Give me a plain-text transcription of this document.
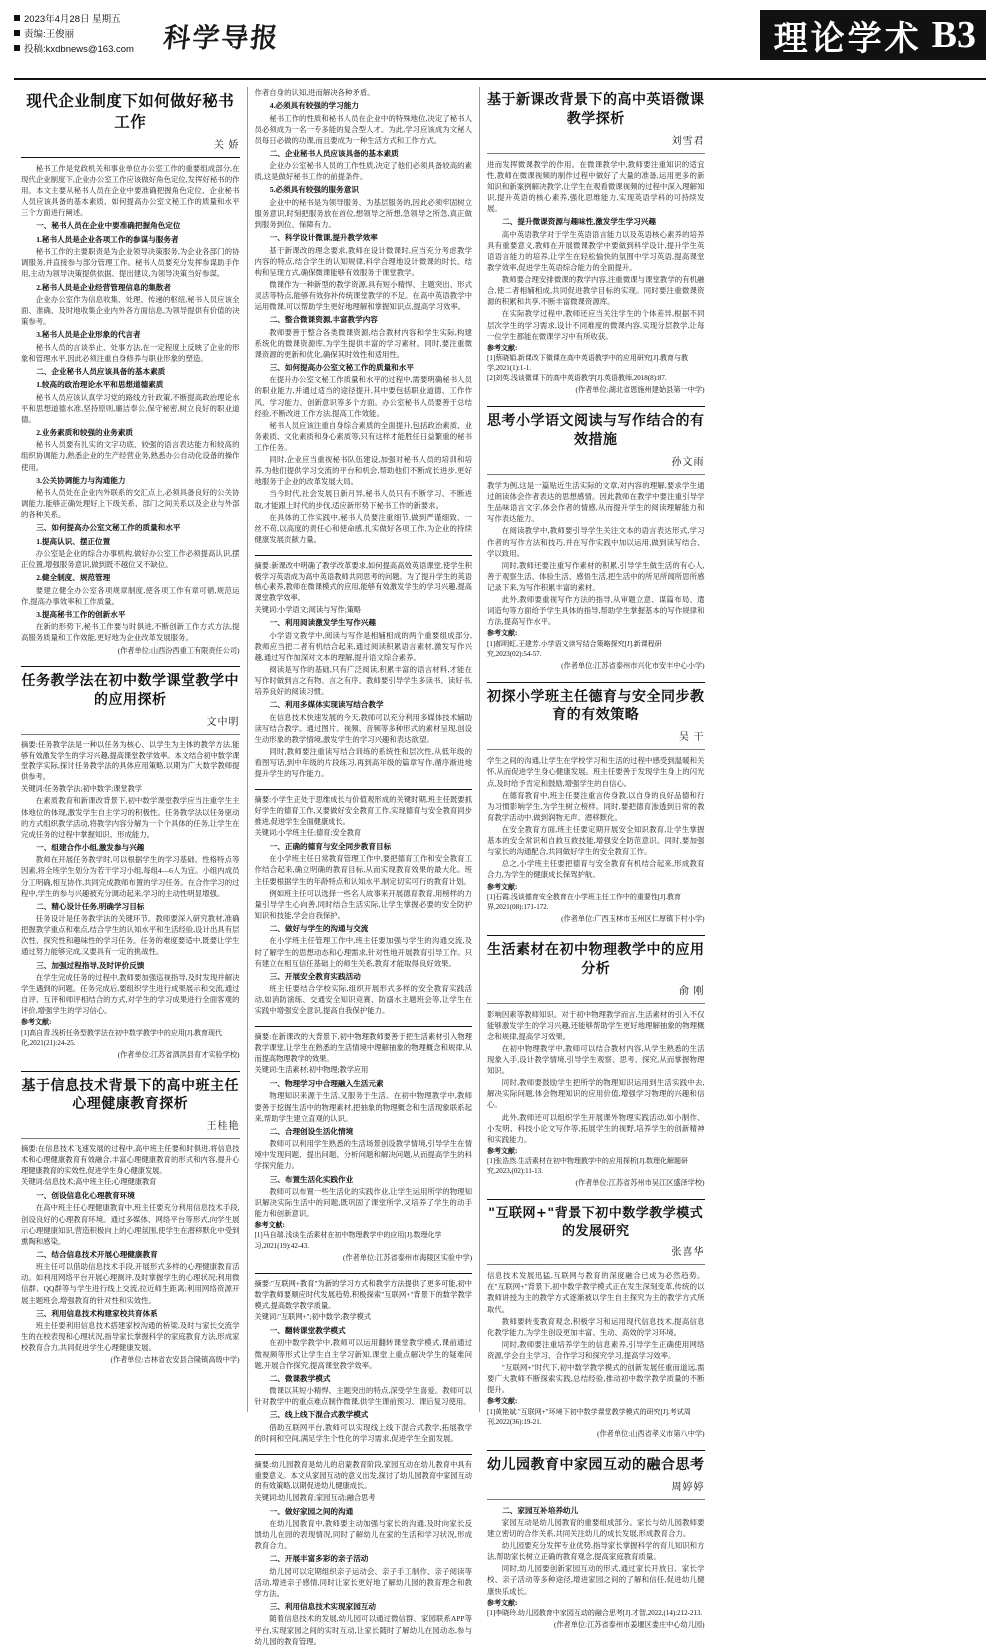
2023年4月28日 星期五
责编:王俊丽
投稿:kxdbnews@163.com	科学导报	理论 学术 B3
现代企业制度下如何做好秘书工作
关 娇

秘书工作是党政机关和事业单位办公室工作的重要组成部分,在现代企业制度下,企业办公室工作应该做好角色定位,发挥好秘书的作用。本文主要从秘书人员在企业中要准确把握角色定位、企业秘书人员应该具备的基本素质、如何提高办公室文秘工作的质量和水平三个方面进行阐述。

一、秘书人员在企业中要准确把握角色定位

1.秘书人员是企业各项工作的参谋与服务者

秘书工作的主要职责是为企业领导决策服务,为企业各部门的协调服务,并直接参与部分管理工作。秘书人员要充分发挥参谋助手作用,主动为领导决策提供依据、提出建议,为领导决策当好参谋。

2.秘书人员是企业经营管理信息的集散者

企业办公室作为信息收集、处理、传递的枢纽,秘书人员应该全面、准确、及时地收集企业内外各方面信息,为领导提供有价值的决策参考。

3.秘书人员是企业形象的代言者

秘书人员的言谈举止、处事方法,在一定程度上反映了企业的形象和管理水平,因此必须注重自身修养与职业形象的塑造。

二、企业秘书人员应该具备的基本素质

1.较高的政治理论水平和思想道德素质

秘书人员应该认真学习党的路线方针政策,不断提高政治理论水平和思想道德水准,坚持原则,廉洁奉公,保守秘密,树立良好的职业道德。

2.业务素质和较强的业务素质

秘书人员要有扎实的文字功底、较强的语言表达能力和较高的组织协调能力,熟悉企业的生产经营业务,熟悉办公自动化设备的操作使用。

3.公关协调能力与沟通能力

秘书人员处在企业内外联系的交汇点上,必须具备良好的公关协调能力,能够正确处理好上下级关系、部门之间关系以及企业与外部的各种关系。

三、如何提高办公室文秘工作的质量和水平

1.提高认识、摆正位置

办公室是企业的综合办事机构,做好办公室工作必须提高认识,摆正位置,增强服务意识,做到既不越位又不缺位。

2.健全制度、规范管理

要建立健全办公室各项规章制度,使各项工作有章可循,规范运作,提高办事效率和工作质量。

3.提高秘书工作的创新水平

在新的形势下,秘书工作要与时俱进,不断创新工作方式方法,提高服务质量和工作效能,更好地为企业改革发展服务。

(作者单位:山西汾西重工有限责任公司)
任务教学法在初中数学课堂教学中的应用探析
文中明

摘要:任务教学法是一种以任务为核心、以学生为主体的教学方法,能够有效激发学生的学习兴趣,提高课堂教学效率。本文结合初中数学课堂教学实际,探讨任务教学法的具体应用策略,以期为广大数学教师提供参考。

关键词:任务教学法;初中数学;课堂教学

在素质教育和新课改背景下,初中数学课堂教学应当注重学生主体地位的体现,激发学生自主学习的积极性。任务教学法以任务驱动的方式组织教学活动,将教学内容分解为一个个具体的任务,让学生在完成任务的过程中掌握知识、形成能力。

一、组建合作小组,激发参与兴趣

教师在开展任务教学时,可以根据学生的学习基础、性格特点等因素,将全班学生划分为若干学习小组,每组4—6人为宜。小组内成员分工明确,相互协作,共同完成教师布置的学习任务。在合作学习的过程中,学生的参与兴趣被充分调动起来,学习的主动性明显增强。

二、精心设计任务,明确学习目标

任务设计是任务教学法的关键环节。教师要深入研究教材,准确把握教学重点和难点,结合学生的认知水平和生活经验,设计出具有层次性、探究性和趣味性的学习任务。任务的难度要适中,既要让学生通过努力能够完成,又要具有一定的挑战性。

三、加强过程指导,及时评价反馈

在学生完成任务的过程中,教师要加强巡视指导,及时发现并解决学生遇到的问题。任务完成后,要组织学生进行成果展示和交流,通过自评、互评和师评相结合的方式,对学生的学习成果进行全面客观的评价,增强学生的学习信心。

参考文献:
[1]高自青.浅析任务型教学法在初中数学教学中的应用[J].教育现代化,2021(21):24-25.
(作者单位:江苏省泗洪县育才实验学校)
基于信息技术背景下的高中班主任心理健康教育探析
王桂艳

摘要:在信息技术飞速发展的过程中,高中班主任要和时俱进,将信息技术和心理健康教育有效融合,丰富心理健康教育的形式和内容,提升心理健康教育的实效性,促进学生身心健康发展。

关键词:信息技术;高中班主任;心理健康教育

一、创设信息化心理教育环境

在高中班主任心理健康教育中,班主任要充分利用信息技术手段,创设良好的心理教育环境。通过多媒体、网络平台等形式,向学生展示心理健康知识,营造积极向上的心理氛围,使学生在潜移默化中受到熏陶和感染。

二、结合信息技术开展心理健康教育

班主任可以借助信息技术手段,开展形式多样的心理健康教育活动。如利用网络平台开展心理测评,及时掌握学生的心理状况;利用微信群、QQ群等与学生进行线上交流,拉近师生距离;利用网络资源开展主题班会,增强教育的针对性和实效性。

三、利用信息技术构建家校共育体系

班主任要利用信息技术搭建家校沟通的桥梁,及时与家长交流学生的在校表现和心理状况,指导家长掌握科学的家庭教育方法,形成家校教育合力,共同促进学生心理健康发展。

(作者单位:吉林省农安县合隆镇高级中学)

作者自身的认知,进而解决各种矛盾。

4.必须具有较强的学习能力

秘书工作的性质和秘书人员在企业中的特殊地位,决定了秘书人员必须成为一名一专多能的复合型人才。为此,学习应该成为文秘人员每日必做的功课,而且要成为一种生活方式和工作方式。

二、企业秘书人员应该具备的基本素质

企业办公室秘书人员的工作性质,决定了他们必须具备较高的素质,这是做好秘书工作的前提条件。

5.必须具有较强的服务意识

企业中的秘书是为领导服务、为基层服务的,因此必须牢固树立服务意识,时刻把服务放在首位,想领导之所想,急领导之所急,真正做到服务到位、保障有力。

一、科学设计微课,提升教学效率

基于新课改的理念要求,教师在设计微课时,应当充分考虑教学内容的特点,结合学生的认知规律,科学合理地设计微课的时长、结构和呈现方式,确保微课能够有效服务于课堂教学。

微课作为一种新型的教学资源,具有短小精悍、主题突出、形式灵活等特点,能够有效弥补传统课堂教学的不足。在高中英语教学中运用微课,可以帮助学生更好地理解和掌握知识点,提高学习效率。

二、整合微课资源,丰富教学内容

教师要善于整合各类微课资源,结合教材内容和学生实际,构建系统化的微课资源库,为学生提供丰富的学习素材。同时,要注重微课资源的更新和优化,确保其时效性和适用性。

三、如何提高办公室文秘工作的质量和水平

在提升办公室文秘工作质量和水平的过程中,需要明确秘书人员的职业能力,并通过适当的途径提升,其中要包括职业道德、工作作风、学习能力、创新意识等多个方面。办公室秘书人员要善于总结经验,不断改进工作方法,提高工作效能。

秘书人员应该注重自身综合素质的全面提升,包括政治素质、业务素质、文化素质和身心素质等,只有这样才能胜任日益繁重的秘书工作任务。

同时,企业应当重视秘书队伍建设,加强对秘书人员的培训和培养,为他们提供学习交流的平台和机会,帮助他们不断成长进步,更好地服务于企业的改革发展大局。

当今时代,社会发展日新月异,秘书人员只有不断学习、不断进取,才能跟上时代的步伐,适应新形势下秘书工作的新要求。

在具体的工作实践中,秘书人员要注重细节,做到严谨细致、一丝不苟,以高度的责任心和使命感,扎实做好各项工作,为企业的持续健康发展贡献力量。

摘要:新课改中明确了教学改革要求,如何提高高效英语课堂,使学生积极学习英语成为高中英语教师共同思考的问题。为了提升学生的英语核心素养,教师在微课模式的应用,能够有效激发学生的学习兴趣,提高课堂教学效率。

关键词:小学语文;阅读与写作;策略

一、利用阅读激发学生写作兴趣

小学语文教学中,阅读与写作是相辅相成的两个重要组成部分,教师应当把二者有机结合起来,通过阅读积累语言素材,激发写作兴趣,通过写作加深对文本的理解,提升语文综合素养。

阅读是写作的基础,只有广泛阅读,积累丰富的语言材料,才能在写作时做到言之有物、言之有序。教师要引导学生多读书、读好书,培养良好的阅读习惯。

二、利用多媒体实现读写结合教学

在信息技术快速发展的今天,教师可以充分利用多媒体技术辅助读写结合教学。通过图片、视频、音频等多种形式的素材呈现,创设生动形象的教学情境,激发学生的学习兴趣和表达欲望。

同时,教师要注重读写结合训练的系统性和层次性,从低年级的看图写话,到中年级的片段练习,再到高年级的篇章写作,循序渐进地提升学生的写作能力。

摘要:小学生正处于思维成长与价值观形成的关键时期,班主任既要抓好学生的德育工作,又要做好安全教育工作,实现德育与安全教育同步推进,促进学生全面健康成长。

关键词:小学班主任;德育;安全教育

一、正确的德育与安全同步教育目标

在小学班主任日常教育管理工作中,要把德育工作和安全教育工作结合起来,确立明确的教育目标,从而实现教育效果的最大化。班主任要根据学生的年龄特点和认知水平,制定切实可行的教育计划。

例如班主任可以选择一些名人故事来开展德育教育,用榜样的力量引导学生心向善,同时结合生活实际,让学生掌握必要的安全防护知识和技能,学会自我保护。

二、做好与学生的沟通与交流

在小学班主任管理工作中,班主任要加强与学生的沟通交流,及时了解学生的思想动态和心理需求,针对性地开展教育引导工作。只有建立在相互信任基础上的师生关系,教育才能取得良好效果。

三、开展安全教育实践活动

班主任要结合学校实际,组织开展形式多样的安全教育实践活动,如消防演练、交通安全知识竞赛、防溺水主题班会等,让学生在实践中增强安全意识,提高自我保护能力。

摘要:在新课改的大背景下,初中物理教师要善于把生活素材引入物理教学课堂,让学生在熟悉的生活情境中理解抽象的物理概念和规律,从而提高物理教学的效果。

关键词:生活素材;初中物理;教学应用

一、物理学习中合理融入生活元素

物理知识来源于生活,又服务于生活。在初中物理教学中,教师要善于挖掘生活中的物理素材,把抽象的物理概念和生活现象联系起来,帮助学生建立直观的认识。

二、合理创设生活化情境

教师可以利用学生熟悉的生活场景创设教学情境,引导学生在情境中发现问题、提出问题、分析问题和解决问题,从而提高学生的科学探究能力。

三、布置生活化实践作业

教师可以布置一些生活化的实践作业,让学生运用所学的物理知识解决实际生活中的问题,既巩固了课堂所学,又培养了学生的动手能力和创新意识。

参考文献:
[1]马自瑞.浅谈生活素材在初中物理教学中的应用[J].数理化学习,2021(19):42-43.
(作者单位:江苏省泰州市海陵区实验中学)

摘要:"互联网+教育"为新的学习方式和教学方法提供了更多可能,初中数学教师要顺应时代发展趋势,积极探索"互联网+"背景下的数学教学模式,提高数学教学质量。

关键词:"互联网+";初中数学;教学模式

一、翻转课堂教学模式

在初中数学教学中,教师可以运用翻转课堂教学模式,课前通过微视频等形式让学生自主学习新知,课堂上重点解决学生的疑难问题,开展合作探究,提高课堂教学效率。

二、微课教学模式

微课以其短小精悍、主题突出的特点,深受学生喜爱。教师可以针对教学中的重点难点制作微课,供学生课前预习、课后复习使用。

三、线上线下混合式教学模式

借助互联网平台,教师可以实现线上线下混合式教学,拓展教学的时间和空间,满足学生个性化的学习需求,促进学生全面发展。

摘要:幼儿园教育是幼儿的启蒙教育阶段,家园互动在幼儿教育中具有重要意义。本文从家园互动的意义出发,探讨了幼儿园教育中家园互动的有效策略,以期促进幼儿健康成长。

关键词:幼儿园教育;家园互动;融合思考

一、做好家园之间的沟通

在幼儿园教育中,教师要主动加强与家长的沟通,及时向家长反馈幼儿在园的表现情况,同时了解幼儿在家的生活和学习状况,形成教育合力。

二、开展丰富多彩的亲子活动

幼儿园可以定期组织亲子运动会、亲子手工制作、亲子阅读等活动,增进亲子感情,同时让家长更好地了解幼儿园的教育理念和教学方法。

三、利用信息技术实现家园互动

随着信息技术的发展,幼儿园可以通过微信群、家园联系APP等平台,实现家园之间的实时互动,让家长随时了解幼儿在园动态,参与幼儿园的教育管理。

基于新课改背景下的高中英语微课教学探析
刘雪君

进而发挥微课教学的作用。在微课教学中,教师要注重知识的适宜性,教师在微课视频的制作过程中做好了大量的准备,运用更多的新知识和新案例解决教学,让学生在观看微课视频的过程中深入理解知识,提升英语的核心素养,强化思维能力,实现英语学科的可持续发展。

二、提升微课资源与趣味性,激发学生学习兴趣

高中英语教学对于学生英语语言能力以及英语核心素养的培养具有重要意义,教师在开展微课教学中要做到科学设计,提升学生英语语言能力的培养,让学生在轻松愉快的氛围中学习英语,提高课堂教学效率,促进学生英语综合能力的全面提升。

教师要合理安排微课的教学内容,注重微课与课堂教学的有机融合,使二者相辅相成,共同促进教学目标的实现。同时要注重微课资源的积累和共享,不断丰富微课资源库。

在实际教学过程中,教师还应当关注学生的个体差异,根据不同层次学生的学习需求,设计不同难度的微课内容,实现分层教学,让每一位学生都能在微课学习中有所收获。

参考文献:
[1]蔡晓娟.新课改下微课在高中英语教学中的应用研究[J].教育与教学,2021(1):1-1.
[2]刘英.浅谈微课下的高中英语教学[J].英语教师,2018(8):87.
(作者单位:湖北省恩施州建始县第一中学)
思考小学语文阅读与写作结合的有效措施
孙文雨

教学为例,这是一篇贴近生活实际的文章,对内容的理解,要求学生通过朗读体会作者表达的思想感情。因此教师在教学中要注重引导学生品味语言文字,体会作者的情感,从而提升学生的阅读理解能力和写作表达能力。

在阅读教学中,教师要引导学生关注文本的语言表达形式,学习作者的写作方法和技巧,并在写作实践中加以运用,做到读写结合、学以致用。

同时,教师还要注重写作素材的积累,引导学生做生活的有心人,善于观察生活、体验生活、感悟生活,把生活中的所见所闻所思所感记录下来,为写作积累丰富的素材。

此外,教师要重视写作方法的指导,从审题立意、谋篇布局、遣词造句等方面给予学生具体的指导,帮助学生掌握基本的写作规律和方法,提高写作水平。

参考文献:
[1]郝明虹,王建芳.小学语文读写结合策略探究[J].新课程研究,2023(02):54-57.
(作者单位:江苏省泰州市兴化市安丰中心小学)
初探小学班主任德育与安全同步教育的有效策略
吴 干

学生之间的沟通,让学生在学校学习和生活的过程中感受到温暖和关怀,从而促进学生身心健康发展。班主任要善于发现学生身上的闪光点,及时给予肯定和鼓励,增强学生的自信心。

在德育教育中,班主任要注重言传身教,以自身的良好品德和行为习惯影响学生,为学生树立榜样。同时,要把德育渗透到日常的教育教学活动中,做到润物无声、潜移默化。

在安全教育方面,班主任要定期开展安全知识教育,让学生掌握基本的安全常识和自救互救技能,增强安全防范意识。同时,要加强与家长的沟通配合,共同做好学生的安全教育工作。

总之,小学班主任要把德育与安全教育有机结合起来,形成教育合力,为学生的健康成长保驾护航。

参考文献:
[1]石霞.浅谈德育安全教育在小学班主任工作中的重要性[J].教育界,2021(08):171-172.
(作者单位:广西玉林市玉州区仁厚镇下村小学)
生活素材在初中物理教学中的应用分析
俞 刚

影响因素等教师知识。对于初中物理教学而言,生活素材的引入不仅能够激发学生的学习兴趣,还能够帮助学生更好地理解抽象的物理概念和规律,提高学习效果。

在初中物理教学中,教师可以结合教材内容,从学生熟悉的生活现象入手,设计教学情境,引导学生观察、思考、探究,从而掌握物理知识。

同时,教师要鼓励学生把所学的物理知识运用到生活实践中去,解决实际问题,体会物理知识的应用价值,增强学习物理的兴趣和信心。

此外,教师还可以组织学生开展课外物理实践活动,如小制作、小发明、科技小论文写作等,拓展学生的视野,培养学生的创新精神和实践能力。

参考文献:
[1]张浩然.生活素材在初中物理教学中的应用探析[J].数理化解题研究,2023,(02):11-13.
(作者单位:江苏省苏州市吴江区盛泽学校)
"互联网+"背景下初中数学教学模式的发展研究
张喜华

信息技术发展迅猛,互联网与教育的深度融合已成为必然趋势。在"互联网+"背景下,初中数学教学模式正在发生深刻变革,传统的以教师讲授为主的教学方式逐渐被以学生自主探究为主的教学方式所取代。

教师要转变教育观念,积极学习和运用现代信息技术,提高信息化教学能力,为学生创设更加丰富、生动、高效的学习环境。

同时,教师要注重培养学生的信息素养,引导学生正确使用网络资源,学会自主学习、合作学习和探究学习,提高学习效率。

"互联网+"时代下,初中数学教学模式的创新发展任重而道远,需要广大教师不断探索实践,总结经验,推动初中数学教学质量的不断提升。

参考文献:
[1]黄艳斌."互联网+"环境下初中数学课堂教学模式的研究[J].考试周刊,2022(36):19-21.
(作者单位:山西省孝义市第八中学)
幼儿园教育中家园互动的融合思考
周婷婷

二、家园互补培养幼儿

家园互动是幼儿园教育的重要组成部分。家长与幼儿园教师要建立密切的合作关系,共同关注幼儿的成长发展,形成教育合力。

幼儿园要充分发挥专业优势,指导家长掌握科学的育儿知识和方法,帮助家长树立正确的教育观念,提高家庭教育质量。

同时,幼儿园要创新家园互动的形式,通过家长开放日、家长学校、亲子活动等多种途径,增进家园之间的了解和信任,促进幼儿健康快乐成长。

参考文献:
[1]李晓玲.幼儿园教育中家园互动的融合思考[J].才智,2022,(14):212-213.
(作者单位:江苏省泰州市姜堰区娄庄中心幼儿园)
